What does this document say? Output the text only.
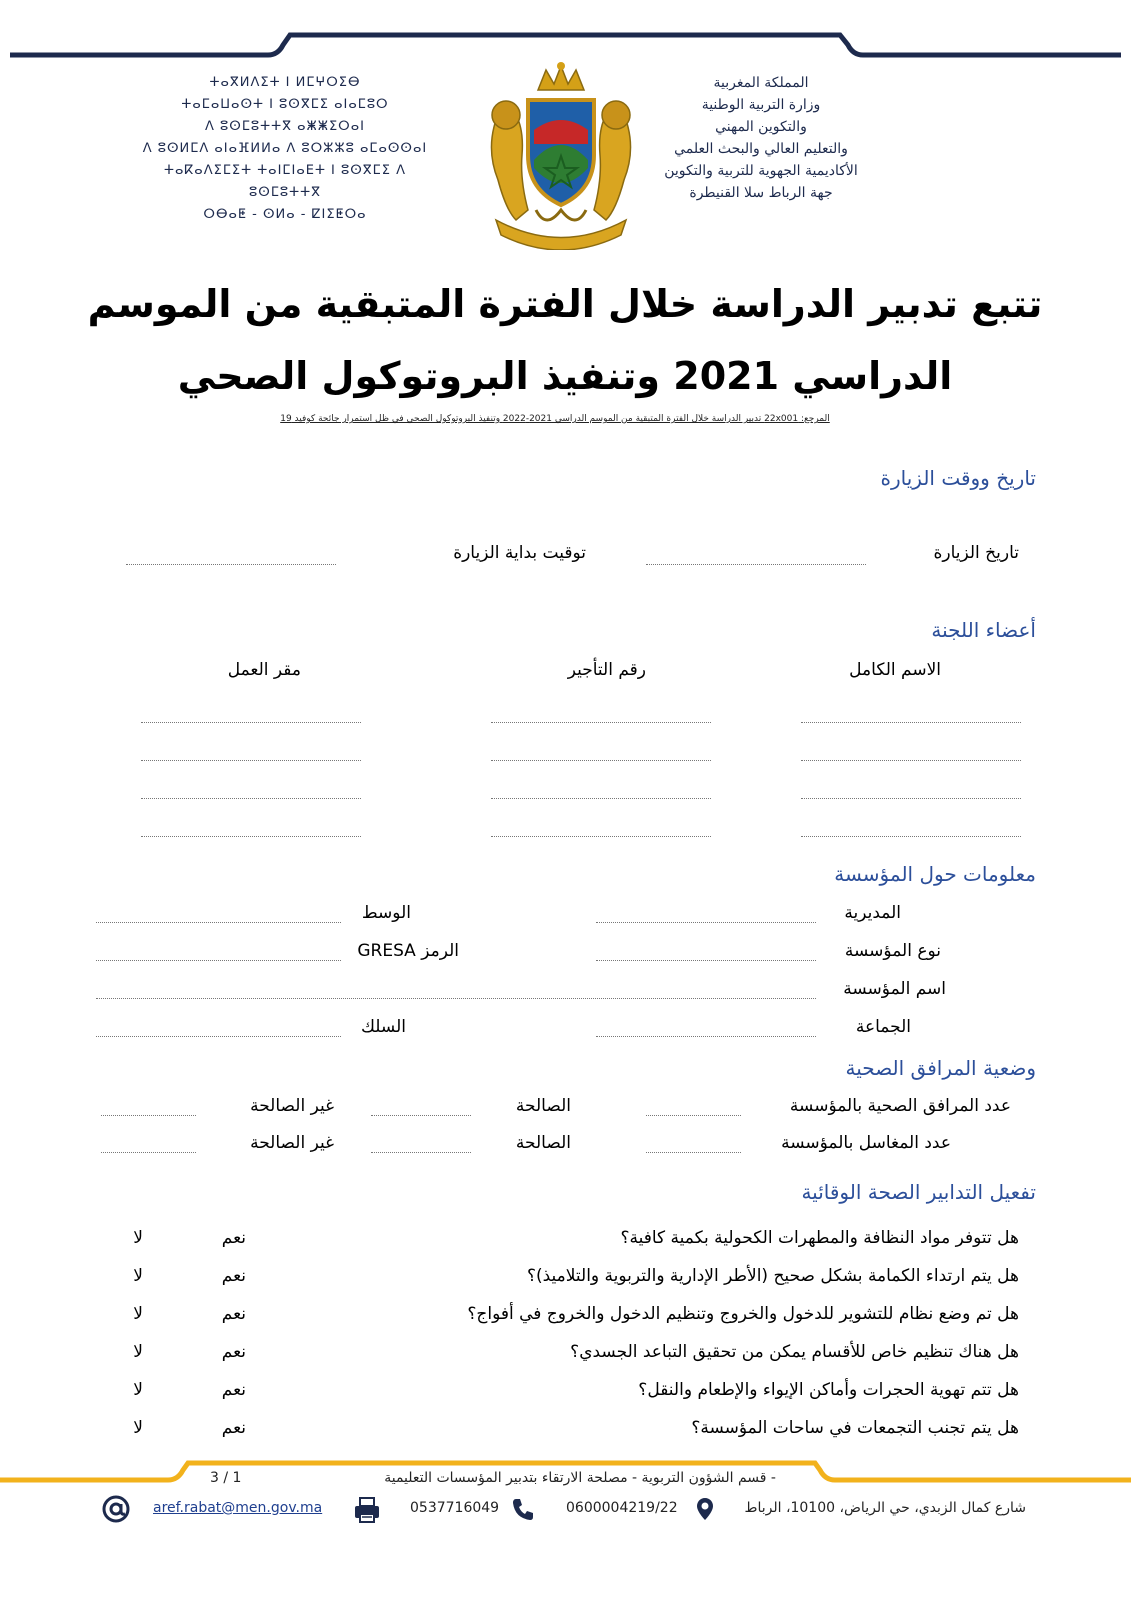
المملكة المغربية
وزارة التربية الوطنية
والتكوين المهني
والتعليم العالي والبحث العلمي
الأكاديمية الجهوية للتربية والتكوين
جهة الرباط سلا القنيطرة
ⵜⴰⴳⵍⴷⵉⵜ ⵏ ⵍⵎⵖⵔⵉⴱ
ⵜⴰⵎⴰⵡⴰⵙⵜ ⵏ ⵓⵙⴳⵎⵉ ⴰⵏⴰⵎⵓⵔ
ⴷ ⵓⵙⵎⵓⵜⵜⴳ ⴰⵥⵥⵉⵔⴰⵏ
ⴷ ⵓⵙⵍⵎⴷ ⴰⵏⴰⴼⵍⵍⴰ ⴷ ⵓⵔⵣⵣⵓ ⴰⵎⴰⵙⵙⴰⵏ
ⵜⴰⴽⴰⴷⵉⵎⵉⵜ ⵜⴰⵏⵎⵏⴰⴹⵜ ⵏ ⵓⵙⴳⵎⵉ ⴷ ⵓⵙⵎⵓⵜⵜⴳ
ⵔⴱⴰⵟ - ⵙⵍⴰ - ⵇⵏⵉⵟⵔⴰ
تتبع تدبير الدراسة خلال الفترة المتبقية من الموسم
الدراسي 2021 وتنفيذ البروتوكول الصحي
المرجع: 22x001 تدبير الدراسة خلال الفترة المتبقية من الموسم الدراسي 2021-2022 وتنفيذ البروتوكول الصحي في ظل استمرار جائحة كوفيد 19
تاريخ ووقت الزيارة
تاريخ الزيارة
توقيت بداية الزيارة
أعضاء اللجنة
الاسم الكامل
رقم التأجير
مقر العمل
معلومات حول المؤسسة
المديرية
الوسط
نوع المؤسسة
الرمز GRESA
اسم المؤسسة
الجماعة
السلك
وضعية المرافق الصحية
عدد المرافق الصحية بالمؤسسة
الصالحة
غير الصالحة
عدد المغاسل بالمؤسسة
الصالحة
غير الصالحة
تفعيل التدابير الصحة الوقائية
هل تتوفر مواد النظافة والمطهرات الكحولية بكمية كافية؟
نعم
لا
هل يتم ارتداء الكمامة بشكل صحيح (الأطر الإدارية والتربوية والتلاميذ)؟
نعم
لا
هل تم وضع نظام للتشوير للدخول والخروج وتنظيم الدخول والخروج في أفواج؟
نعم
لا
هل هناك تنظيم خاص للأقسام يمكن من تحقيق التباعد الجسدي؟
نعم
لا
هل تتم تهوية الحجرات وأماكن الإيواء والإطعام والنقل؟
نعم
لا
هل يتم تجنب التجمعات في ساحات المؤسسة؟
نعم
لا
3 / 1	- قسم الشؤون التربوية - مصلحة الارتقاء بتدبير المؤسسات التعليمية
شارع كمال الزبدي، حي الرياض، 10100، الرباط
0600004219/22
0537716049
aref.rabat@men.gov.ma
